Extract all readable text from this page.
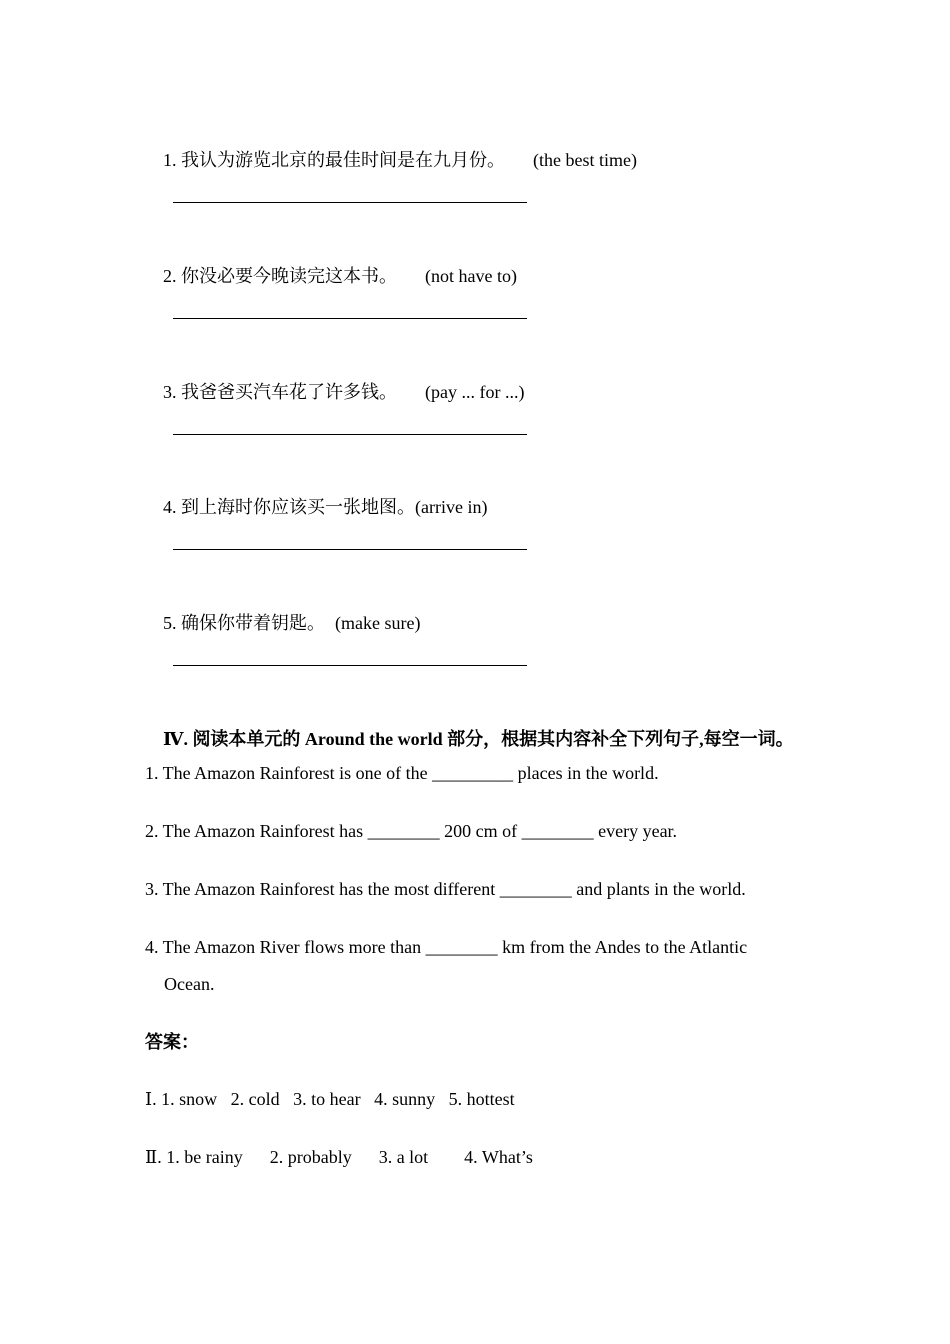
1. 我认为游览北京的最佳时间是在九月份。 (the best time)

2. 你没必要今晚读完这本书。 (not have to)

3. 我爸爸买汽车花了许多钱。 (pay ... for ...)

4. 到上海时你应该买一张地图。(arrive in)

5. 确保你带着钥匙。 (make sure)

Ⅳ. 阅读本单元的 Around the world 部分，根据其内容补全下列句子,每空一词。

1. The Amazon Rainforest is one of the _________ places in the world.
2. The Amazon Rainforest has ________ 200 cm of ________ every year.
3. The Amazon Rainforest has the most different ________ and plants in the world.
4. The Amazon River flows more than ________ km from the Andes to the Atlantic
Ocean.
答案：
Ⅰ. 1. snow   2. cold   3. to hear   4. sunny   5. hottest
Ⅱ. 1. be rainy      2. probably      3. a lot        4. What’s
